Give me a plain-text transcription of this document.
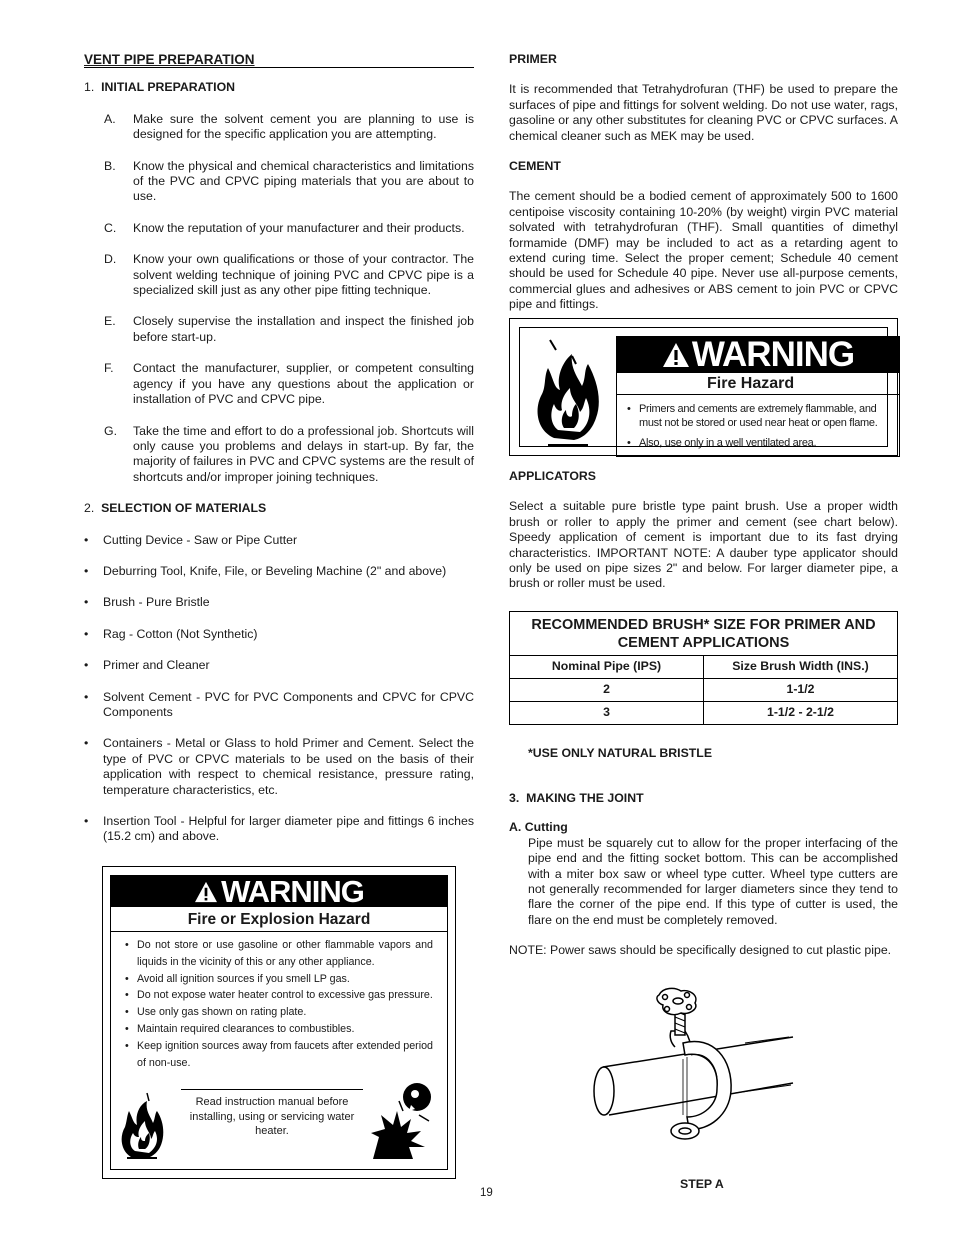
VENT PIPE PREPARATION
1. INITIAL PREPARATION
A.	Make sure the solvent cement you are planning to use is designed for the specific application you are attempting.
B.	Know the physical and chemical characteristics and limitations of the PVC and CPVC piping materials that you are about to use.
C.	Know the reputation of your manufacturer and their products.
D.	Know your own qualifications or those of your contractor. The solvent welding technique of joining PVC and CPVC pipe is a specialized skill just as any other pipe fitting technique.
E.	Closely supervise the installation and inspect the finished job before start-up.
F.	Contact the manufacturer, supplier, or competent consulting agency if you have any questions about the application or installation of PVC and CPVC pipe.
G.	Take the time and effort to do a professional job. Shortcuts will only cause you problems and delays in start-up. By far, the majority of failures in PVC and CPVC systems are the result of shortcuts and/or improper joining techniques.
2. SELECTION OF MATERIALS
•	Cutting Device - Saw or Pipe Cutter
•	Deburring Tool, Knife, File, or Beveling Machine (2" and above)
•	Brush - Pure Bristle
•	Rag - Cotton (Not Synthetic)
•	Primer and Cleaner
•	Solvent Cement - PVC for PVC Components and CPVC for CPVC Components
•	Containers - Metal or Glass to hold Primer and Cement. Select the type of PVC or CPVC materials to be used on the basis of their application with respect to chemical resistance, pressure rating, temperature characteristics, etc.
•	Insertion Tool - Helpful for larger diameter pipe and fittings 6 inches (15.2 cm) and above.
PRIMER
It is recommended that Tetrahydrofuran (THF) be used to prepare the surfaces of pipe and fittings for solvent welding. Do not use water, rags, gasoline or any other substitutes for cleaning PVC or CPVC surfaces. A chemical cleaner such as MEK may be used.
CEMENT
The cement should be a bodied cement of approximately 500 to 1600 centipoise viscosity containing 10-20% (by weight) virgin PVC material solvated with tetrahydrofuran (THF). Small quantities of dimethyl formamide (DMF) may be included to act as a retarding agent to extend curing time. Select the proper cement; Schedule 40 cement should be used for Schedule 40 pipe. Never use all-purpose cements, commercial glues and adhesives or ABS cement to join PVC or CPVC pipe and fittings.
WARNING
Fire Hazard
• Primers and cements are extremely flammable, and must not be stored or used near heat or open flame.
• Also, use only in a well ventilated area.
APPLICATORS
Select a suitable pure bristle type paint brush. Use a proper width brush or roller to apply the primer and cement (see chart below). Speedy application of cement is important due to its fast drying characteristics. IMPORTANT NOTE: A dauber type applicator should only be used on pipe sizes 2" and below. For larger diameter pipe, a brush or roller must be used.
RECOMMENDED BRUSH* SIZE FOR PRIMER AND CEMENT APPLICATIONS	
Nominal Pipe (IPS)	Size Brush Width (INS.)
2	1-1/2
3	1-1/2 - 2-1/2
*USE ONLY NATURAL BRISTLE
3. MAKING THE JOINT
A. Cutting
Pipe must be squarely cut to allow for the proper interfacing of the pipe end and the fitting socket bottom. This can be accomplished with a miter box saw or wheel type cutter. Wheel type cutters are not generally recommended for larger diameters since they tend to flare the corner of the pipe end. If this type of cutter is used, the flare on the end must be completely removed.
NOTE: Power saws should be specifically designed to cut plastic pipe.
STEP A
WARNING
Fire or Explosion Hazard
• Do not store or use gasoline or other flammable vapors and liquids in the vicinity of this or any other appliance.
• Avoid all ignition sources if you smell LP gas.
• Do not expose water heater control to excessive gas pressure.
• Use only gas shown on rating plate.
• Maintain required clearances to combustibles.
• Keep ignition sources away from faucets after extended period of non-use.
Read instruction manual before installing, using or servicing water heater.
19
